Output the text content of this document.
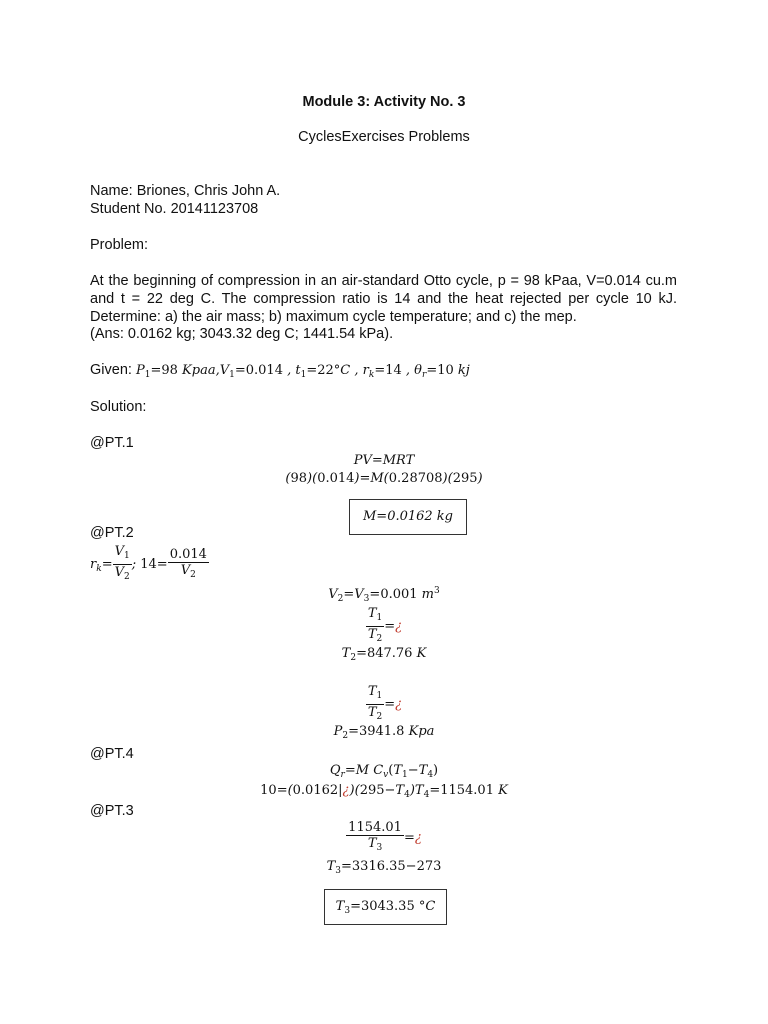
Module 3: Activity No. 3
CyclesExercises Problems
Name: Briones, Chris John A.
Student No. 20141123708
Problem:
At the beginning of compression in an air-standard Otto cycle, p = 98 kPaa, V=0.014 cu.m and t = 22 deg C. The compression ratio is 14 and the heat rejected per cycle 10 kJ. Determine: a) the air mass; b) maximum cycle temperature; and c) the mep.
(Ans: 0.0162 kg; 3043.32 deg C; 1441.54 kPa).
Given: $P_1=98$ $Kpaa,V_1=0.014$ , $t_1=22^\circ C$ , $r_k=14$ , $\theta_r=10$ kj
Solution:
@PT.1
PV=MRT
(98)(0.014)=M(0.28708)(295)
M=0.0162 kg
@PT.2
$r_k= \frac{V_1}{V_2}$ ; $14= \frac{0.014}{V_2}$
$V_2=V_3=0.001$ $m^3$
$\frac{T_1}{T_2}$ =¿
$T_2=847.76$ K
$\frac{T_1}{T_2}$ =¿
$P_2=3941.8$ Kpa
@PT.4
$Q_r=M$ $C_v(T_1-T_4)$
$10=(0.0162|¿)(295-T_4)T_4=1154.01$ K
@PT.3
$\frac{1154.01}{T_3}$ =¿
$T_3=3316.35-273$
$T_3=3043.35$ °C
